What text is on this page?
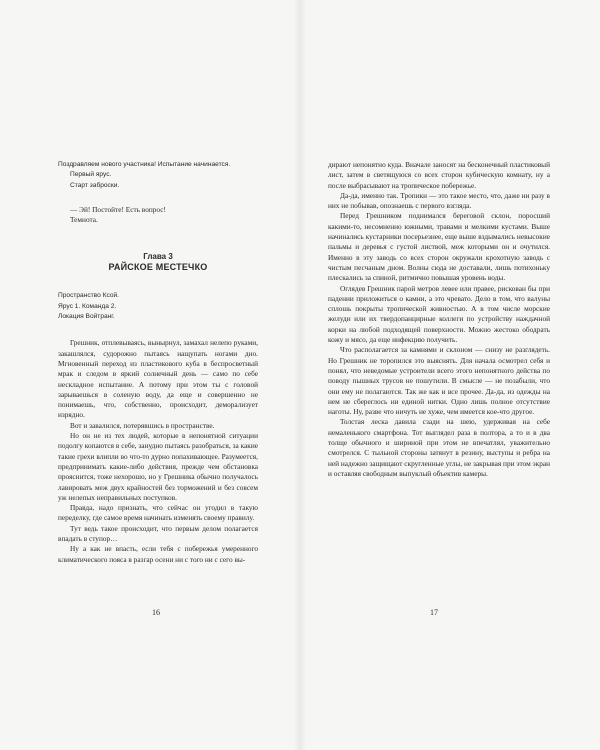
Поздравляем нового участника! Испытание начинается.
Первый ярус.
Старт заброски.

— Эй! Постойте! Есть вопрос!

Темнота.

Глава 3
РАЙСКОЕ МЕСТЕЧКО
Пространство Ксой.
Ярус 1. Команда 2.
Локация Войтранг.

Грешник, отплевываясь, вынырнул, замахал нелепо руками, закашлялся, судорожно пытаясь нащупать ногами дно. Мгновенный переход из пластикового куба в беспросветный мрак и следом в яркий солнечный день — само по себе нескладное испытание. А потому при этом ты с головой зарываешься в соленую воду, да еще и совершенно не понимаешь, что, собственно, происходит, деморализует изрядно.

Вот и завалился, потерявшись в пространстве.

Но он не из тех людей, которые в непонятной ситуации подолгу копаются в себе, занудно пытаясь разобраться, за какие такие грехи влипли во что-то дурно попахивающее. Разумеется, предпринимать какие-либо действия, прежде чем обстановка прояснится, тоже нехорошо, но у Грешника обычно получалось лавировать меж двух крайностей без торможений и без совсем уж нелепых неправильных поступков.

Правда, надо признать, что сейчас он угодил в такую переделку, где самое время начинать изменять своему правилу.

Тут ведь такое происходит, что первым делом полагается впадать в ступор…

Ну а как не впасть, если тебя с побережья умеренного климатического пояса в разгар осени ни с того ни с сего вы-

16

дирают непонятно куда. Вначале заносят на бесконечный пластиковый лист, затем в светящуюся со всех сторон кубическую комнату, ну а после выбрасывают на тропическое побережье.

Да-да, именно так. Тропики — это такое место, что, даже ни разу в них не побывав, опознаешь с первого взгляда.

Перед Грешником поднимался береговой склон, поросший какими-то, несомненно южными, травами и мелкими кустами. Выше начинались кустарники посерьезнее, еще выше вздымались невысокие пальмы и деревья с густой листвой, меж которыми он и очутился. Именно в эту заводь со всех сторон окружали крохотную заводь с чистым песчаным дном. Волны сюда не доставали, лишь потихоньку плескались за спиной, ритмично повышая уровень воды.

Оглядев Грешник парой метров левее или правее, рискован бы при падении приложиться о камни, а это чревато. Дело в том, что валуны сплошь покрыты тропической живностью. А в том числе морские желуди или их твердопанцирные коллеги по устройству наждачной корки на любой подходящей поверхности. Можно жестоко ободрать кожу и мясо, да еще инфекцию получить.

Что располагается за камнями и склоном — снизу не разглядеть. Но Грешник не торопился это выяснять. Для начала осмотрел себя и понял, что неведомые устроители всего этого непонятного действа по поводу пышных трусов не пошутили. В смысле — не позабыли, что они ему не полагаются. Так же как и все прочее. Да-да, из одежды на нем не сбереглось ни единой нитки. Одно лишь полное отсутствие наготы. Ну, разве что ничуть не хуже, чем имеется кое-что другое.

Толстая леска давила сзади на шею, удерживая на себе немаленького смартфона. Тот выглядел раза в полтора, а то и в два толще обычного и шириной при этом не впечатлял, уважительно смотрелся. С тыльной стороны затянут в резину, выступы и ребра на ней надежно защищают скругленные углы, не закрывая при этом экран и оставляя свободным выпуклый объектив камеры.

17
